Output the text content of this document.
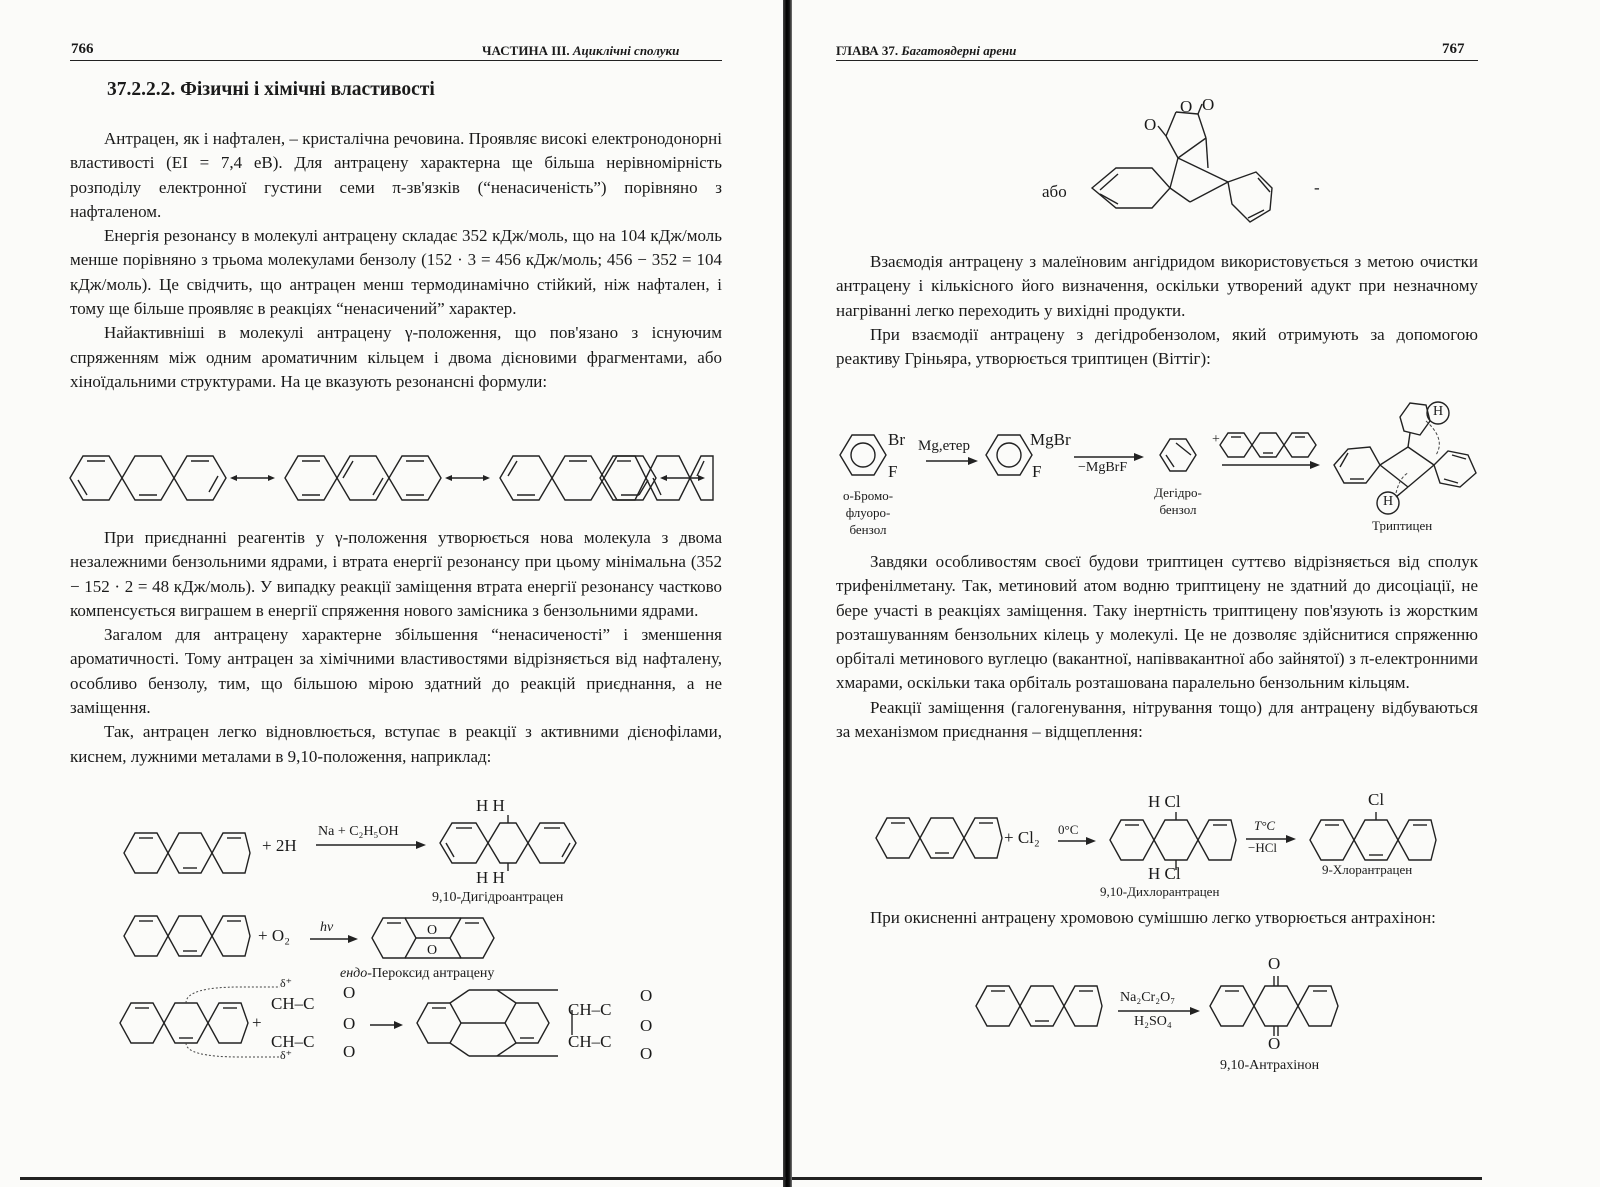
766	ЧАСТИНА III. Ациклічні сполуки
37.2.2.2. Фізичні і хімічні властивості

Антрацен, як і нафтален, – кристалічна речовина. Проявляє високі електронодонорні властивості (ЕІ = 7,4 еВ). Для антрацену характерна ще більша нерівномірність розподілу електронної густини семи π-зв'язків (“ненасиченість”) порівняно з нафталеном.

Енергія резонансу в молекулі антрацену складає 352 кДж/моль, що на 104 кДж/моль менше порівняно з трьома молекулами бензолу (152 · 3 = 456 кДж/моль; 456 − 352 = 104 кДж/моль). Це свідчить, що антрацен менш термодинамічно стійкий, ніж нафтален, і тому ще більше проявляє в реакціях “ненасичений” характер.

Найактивніші в молекулі антрацену γ-положення, що пов'язано з існуючим спряженням між одним ароматичним кільцем і двома дієновими фрагментами, або хіноїдальними структурами. На це вказують резонансні формули:

При приєднанні реагентів у γ-положення утворюється нова молекула з двома незалежними бензольними ядрами, і втрата енергії резонансу при цьому мінімальна (352 − 152 · 2 = 48 кДж/моль). У випадку реакції заміщення втрата енергії резонансу частково компенсується виграшем в енергії спряження нового замісника з бензольними ядрами.

Загалом для антрацену характерне збільшення “ненасиченості” і зменшення ароматичності. Тому антрацен за хімічними властивостями відрізняється від нафталену, особливо бензолу, тим, що більшою мірою здатний до реакцій приєднання, а не заміщення.

Так, антрацен легко відновлюється, вступає в реакції з активними дієнофілами, киснем, лужними металами в 9,10-положення, наприклад:

+ 2H
Na + C₂H₅OH
H H
H H
9,10-Дигідроантрацен
+ O₂ hν	O
O
ендо-Пероксид антрацену
+
δ⁺
CH–C
CH–C
δ⁺
O
O
O
CH–C
CH–C
O
O
O
ГЛАВА 37. Багатоядерні арени	767
або
O
O O
-

Взаємодія антрацену з малеїновим ангідридом використовується з метою очистки антрацену і кількісного його визначення, оскільки утворений адукт при незначному нагріванні легко переходить у вихідні продукти.

При взаємодії антрацену з дегідробензолом, який отримують за допомогою реактиву Гріньяра, утворюється триптицен (Віттіг):

Br
F
Mg,етер	MgBr
F	−MgBrF
+
H
H
о-Бромо-
флуоро-
бензол
Дегідро-
бензол
Триптицен

Завдяки особливостям своєї будови триптицен суттєво відрізняється від сполук трифенілметану. Так, метиновий атом водню триптицену не здатний до дисоціації, не бере участі в реакціях заміщення. Таку інертність триптицену пов'язують із жорстким розташуванням бензольних кілець у молекулі. Це не дозволяє здійснитися спряженню орбіталі метинового вуглецю (вакантної, напіввакантної або зайнятої) з π-електронними хмарами, оскільки така орбіталь розташована паралельно бензольним кільцям.

Реакції заміщення (галогенування, нітрування тощо) для антрацену відбуваються за механізмом приєднання – відщеплення:

+ Cl₂ 0°C
H Cl
H Cl
9,10-Дихлорантрацен
T°C
−HCl
Cl
9-Хлорантрацен

При окисненні антрацену хромовою сумішшю легко утворюється антрахінон:

Na₂Cr₂O₇
H₂SO₄
O
O
9,10-Антрахінон
